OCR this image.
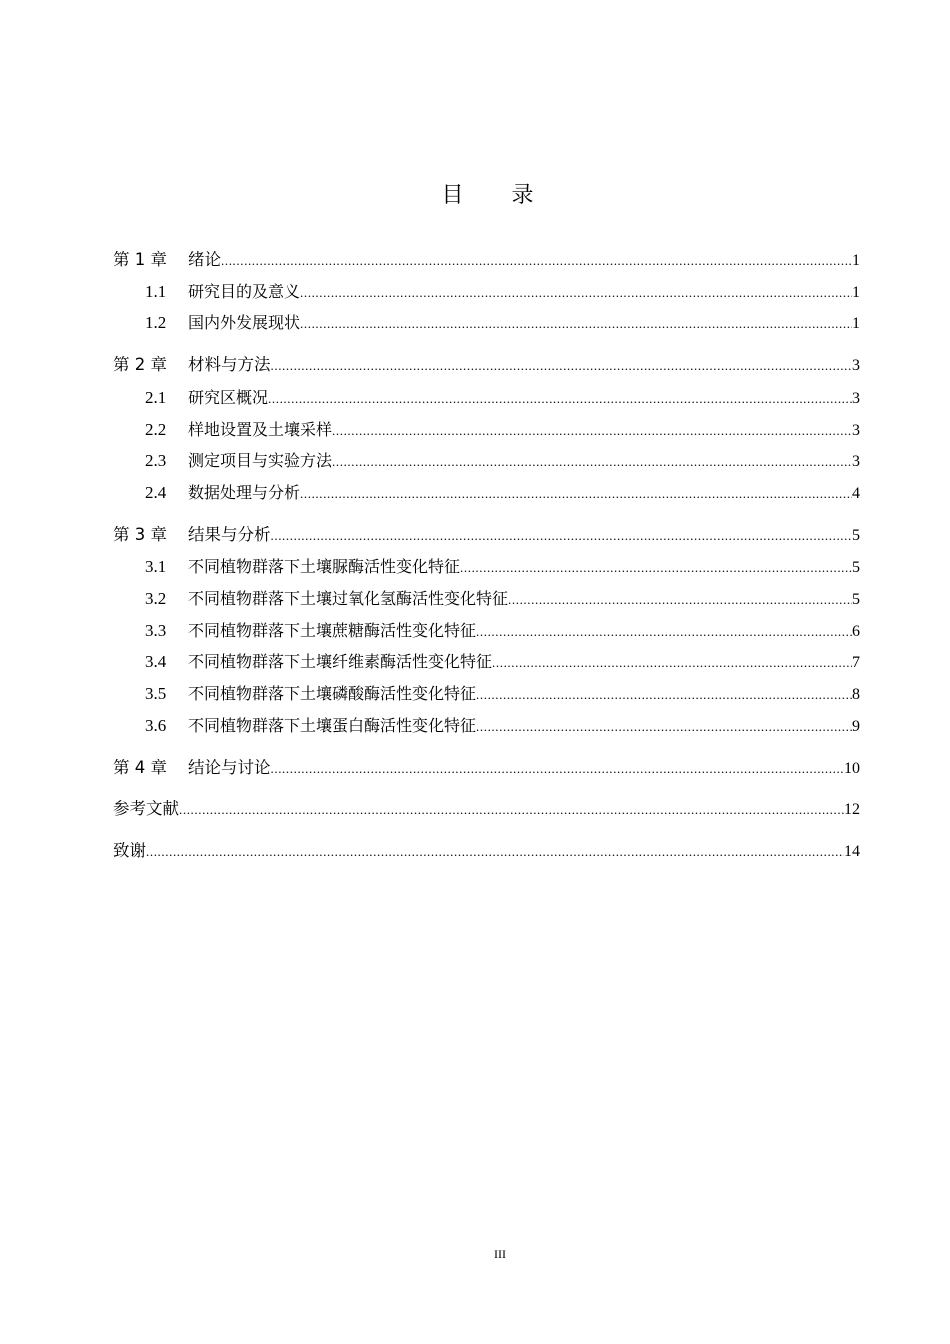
目 录
第 1 章	绪论 .....	1
1.1	研究目的及意义 .....	1
1.2	国内外发展现状 .....	1
第 2 章	材料与方法 .....	3
2.1	研究区概况 .....	3
2.2	样地设置及土壤采样 .....	3
2.3	测定项目与实验方法 .....	3
2.4	数据处理与分析 .....	4
第 3 章	结果与分析 .....	5
3.1	不同植物群落下土壤脲酶活性变化特征 .....	5
3.2	不同植物群落下土壤过氧化氢酶活性变化特征 .....	5
3.3	不同植物群落下土壤蔗糖酶活性变化特征 .....	6
3.4	不同植物群落下土壤纤维素酶活性变化特征 .....	7
3.5	不同植物群落下土壤磷酸酶活性变化特征 .....	8
3.6	不同植物群落下土壤蛋白酶活性变化特征 .....	9
第 4 章	结论与讨论 .....	10
参考文献 .....	12
致谢 .....	14
III
